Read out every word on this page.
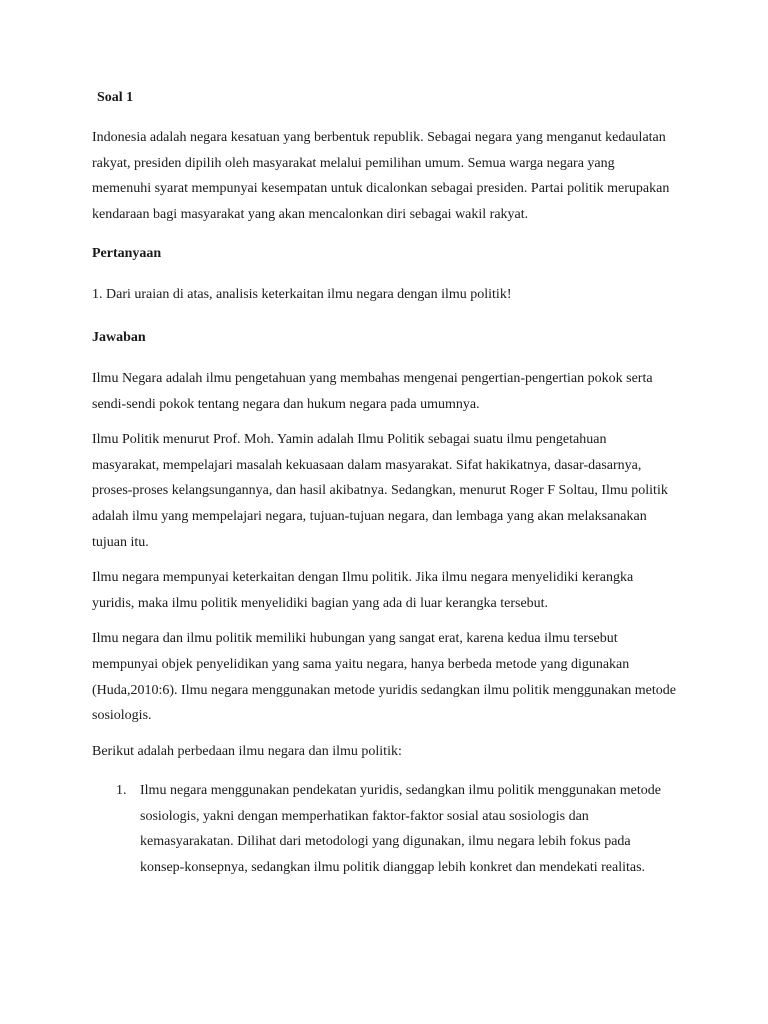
Soal 1

Indonesia adalah negara kesatuan yang berbentuk republik. Sebagai negara yang menganut kedaulatan rakyat, presiden dipilih oleh masyarakat melalui pemilihan umum. Semua warga negara yang memenuhi syarat mempunyai kesempatan untuk dicalonkan sebagai presiden. Partai politik merupakan kendaraan bagi masyarakat yang akan mencalonkan diri sebagai wakil rakyat.

Pertanyaan

1. Dari uraian di atas, analisis keterkaitan ilmu negara dengan ilmu politik!

Jawaban

Ilmu Negara adalah ilmu pengetahuan yang membahas mengenai pengertian-pengertian pokok serta sendi-sendi pokok tentang negara dan hukum negara pada umumnya.

Ilmu Politik menurut Prof. Moh. Yamin adalah Ilmu Politik sebagai suatu ilmu pengetahuan masyarakat, mempelajari masalah kekuasaan dalam masyarakat. Sifat hakikatnya, dasar-dasarnya, proses-proses kelangsungannya, dan hasil akibatnya. Sedangkan, menurut Roger F Soltau, Ilmu politik adalah ilmu yang mempelajari negara, tujuan-tujuan negara, dan lembaga yang akan melaksanakan tujuan itu.

Ilmu negara mempunyai keterkaitan dengan Ilmu politik. Jika ilmu negara menyelidiki kerangka yuridis, maka ilmu politik menyelidiki bagian yang ada di luar kerangka tersebut.

Ilmu negara dan ilmu politik memiliki hubungan yang sangat erat, karena kedua ilmu tersebut mempunyai objek penyelidikan yang sama yaitu negara, hanya berbeda metode yang digunakan (Huda,2010:6). Ilmu negara menggunakan metode yuridis sedangkan ilmu politik menggunakan metode sosiologis.

Berikut adalah perbedaan ilmu negara dan ilmu politik:

1. Ilmu negara menggunakan pendekatan yuridis, sedangkan ilmu politik menggunakan metode sosiologis, yakni dengan memperhatikan faktor-faktor sosial atau sosiologis dan kemasyarakatan. Dilihat dari metodologi yang digunakan, ilmu negara lebih fokus pada konsep-konsepnya, sedangkan ilmu politik dianggap lebih konkret dan mendekati realitas.
